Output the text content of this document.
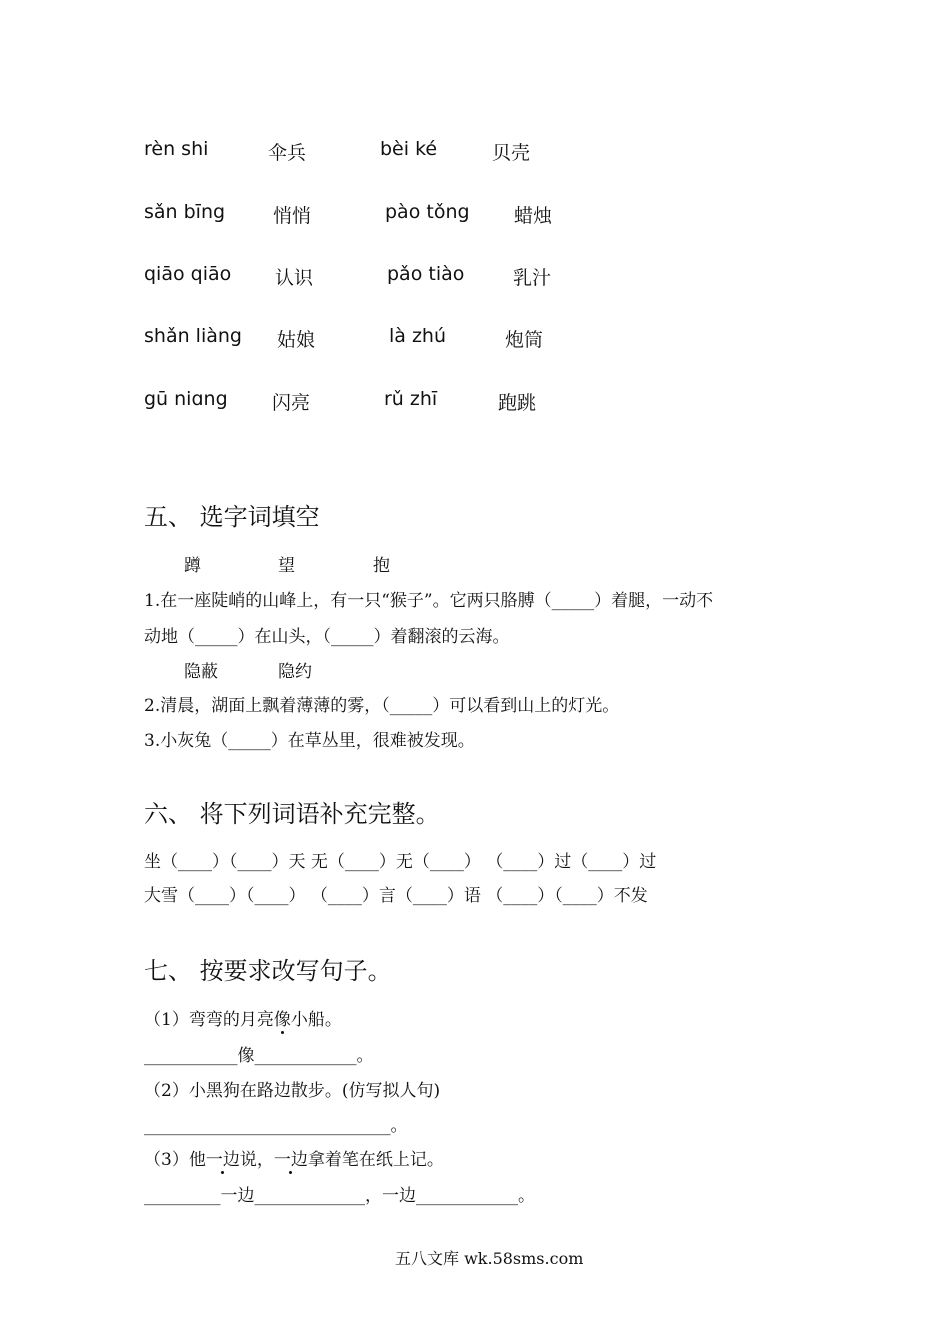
rèn shi	伞兵	bèi ké	贝壳
sǎn bīng	悄悄	pào tǒng 蜡烛
qiāo qiāo 认识	pǎo tiào	乳汁
shǎn liàng 姑娘	là zhú	炮筒
gū niɑng 闪亮	rǔ zhī	跑跳
五、 选字词填空
蹲	望	抱
1.在一座陡峭的山峰上，有一只“猴子”。它两只胳膊（_____）着腿，一动不
动地（_____）在山头，（_____）着翻滚的云海。
隐蔽	隐约
2.清晨，湖面上飘着薄薄的雾，（_____）可以看到山上的灯光。
3.小灰兔（_____）在草丛里，很难被发现。
六、 将下列词语补充完整。
坐（____）（____）天 无（____）无（____） （____）过（____）过
大雪（____）（____） （____）言（____）语 （____）（____）不发
七、 按要求改写句子。
（1）弯弯的月亮像小船。
___________像____________。
（2）小黑狗在路边散步。(仿写拟人句)
_____________________________。
（3）他一边说，一边拿着笔在纸上记。
_________一边_____________，一边____________。
五八文库 wk.58sms.com
